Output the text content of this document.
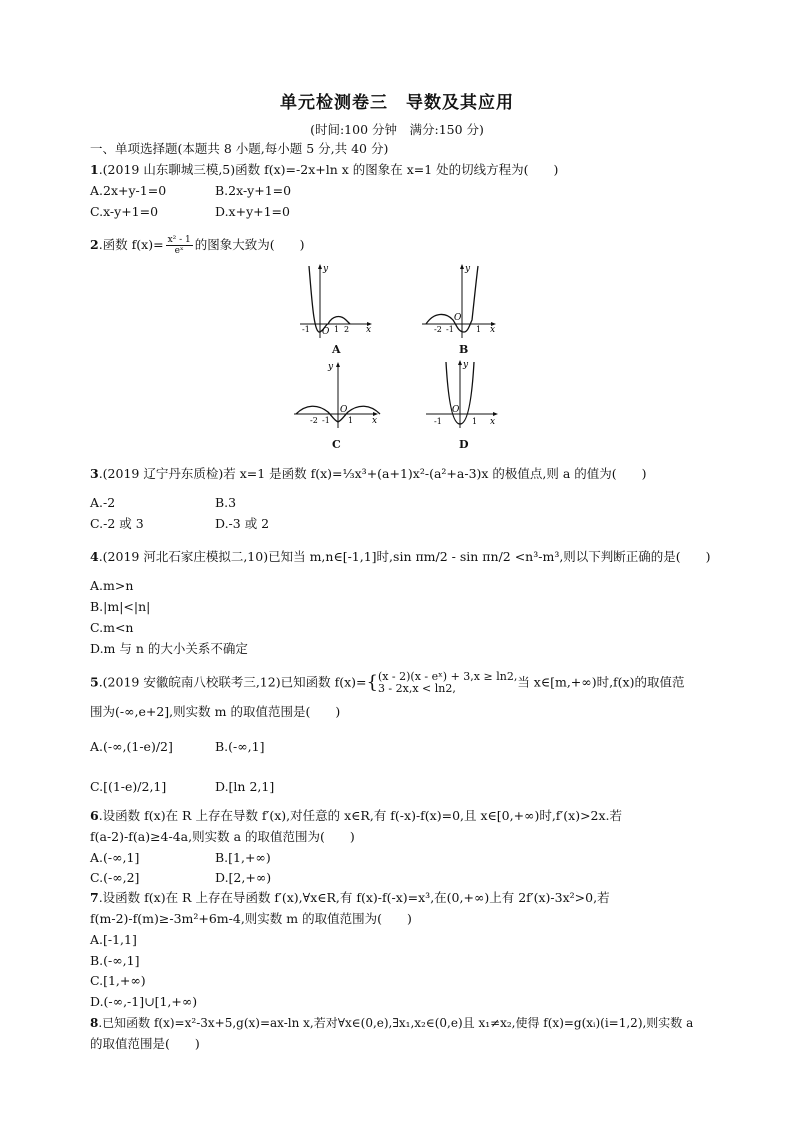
单元检测卷三　导数及其应用
(时间:100 分钟　满分:150 分)
一、单项选择题(本题共 8 小题,每小题 5 分,共 40 分)
1.(2019 山东聊城三模,5)函数 f(x)=-2x+ln x 的图象在 x=1 处的切线方程为(　　)
A.2x+y-1=0	B.2x-y+1=0
C.x-y+1=0	D.x+y+1=0
2.函数 $f(x)= \frac{\text{x² - 1}}{\text{eˣ}}$ 的图象大致为(　　)
y
-1	1 2 x
O
A
y
-2 -1	1 x
O
B
y
-2 -1 1 x
O
C
y
-1	1 x
O
D
3.(2019 辽宁丹东质检)若 x=1 是函数 f(x)=⅓x³+(a+1)x²-(a²+a-3)x 的极值点,则 a 的值为(　　)
A.-2	B.3
C.-2 或 3	D.-3 或 2
4.(2019 河北石家庄模拟二,10)已知当 m,n∈[-1,1]时,sin πm/2 - sin πn/2 <n³-m³,则以下判断正确的是(　　)
A.m>n
B.|m|<|n|
C.m<n
D.m 与 n 的大小关系不确定
5.(2019 安徽皖南八校联考三,12)已知函数 f(x)={ (x - 2)(x - eˣ) + 3,x ≥ ln2,
3 - 2x,x < ln2,	当 x∈[m,+∞)时,f(x)的取值范
围为(-∞,e+2],则实数 m 的取值范围是(　　)
A.(-∞,(1-e)/2]	B.(-∞,1]
C.[(1-e)/2,1]	D.[ln 2,1]
6.设函数 f(x)在 R 上存在导数 f′(x),对任意的 x∈R,有 f(-x)-f(x)=0,且 x∈[0,+∞)时,f′(x)>2x.若
f(a-2)-f(a)≥4-4a,则实数 a 的取值范围为(　　)
A.(-∞,1]	B.[1,+∞)
C.(-∞,2]	D.[2,+∞)
7.设函数 f(x)在 R 上存在导函数 f′(x),∀x∈R,有 f(x)-f(-x)=x³,在(0,+∞)上有 2f′(x)-3x²>0,若
f(m-2)-f(m)≥-3m²+6m-4,则实数 m 的取值范围为(　　)
A.[-1,1]
B.(-∞,1]
C.[1,+∞)
D.(-∞,-1]∪[1,+∞)
8.已知函数 f(x)=x²-3x+5,g(x)=ax-ln x,若对∀x∈(0,e),∃x₁,x₂∈(0,e)且 x₁≠x₂,使得 f(x)=g(xᵢ)(i=1,2),则实数 a
的取值范围是(　　)
